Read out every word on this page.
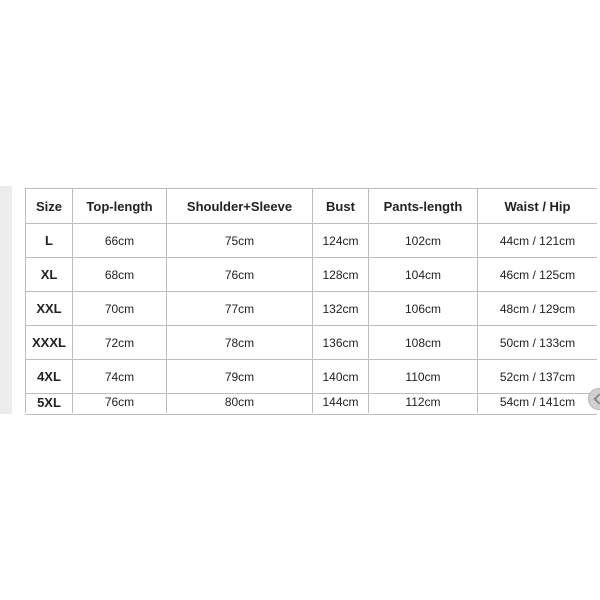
Size	Top-length	Shoulder+Sleeve	Bust	Pants-length	Waist / Hip
L	66cm	75cm	124cm	102cm	44cm / 121cm
XL	68cm	76cm	128cm	104cm	46cm / 125cm
XXL	70cm	77cm	132cm	106cm	48cm / 129cm
XXXL	72cm	78cm	136cm	108cm	50cm / 133cm
4XL	74cm	79cm	140cm	110cm	52cm / 137cm
5XL	76cm	80cm	144cm	112cm	54cm / 141cm
